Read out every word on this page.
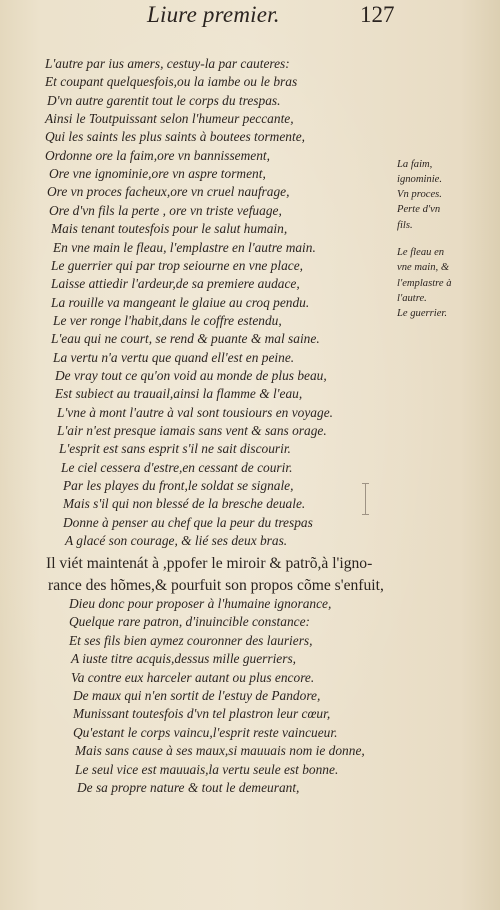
Liure premier.	127
L'autre par ius amers, cestuy-la par cauteres:
Et coupant quelquesfois,ou la iambe ou le bras
D'vn autre garentit tout le corps du trespas.
Ainsi le Toutpuissant selon l'humeur peccante,
Qui les saints les plus saints à boutees tormente,
Ordonne ore la faim,ore vn bannissement,
Ore vne ignominie,ore vn aspre torment,
Ore vn proces facheux,ore vn cruel naufrage,
Ore d'vn fils la perte , ore vn triste vefuage,
Mais tenant toutesfois pour le salut humain,
En vne main le fleau, l'emplastre en l'autre main.
Le guerrier qui par trop seiourne en vne place,
Laisse attiedir l'ardeur,de sa premiere audace,
La rouille va mangeant le glaiue au croq pendu.
Le ver ronge l'habit,dans le coffre estendu,
L'eau qui ne court, se rend & puante & mal saine.
La vertu n'a vertu que quand ell'est en peine.
De vray tout ce qu'on void au monde de plus beau,
Est subiect au trauail,ainsi la flamme & l'eau,
L'vne à mont l'autre à val sont tousiours en voyage.
L'air n'est presque iamais sans vent & sans orage.
L'esprit est sans esprit s'il ne sait discourir.
Le ciel cessera d'estre,en cessant de courir.
Par les playes du front,le soldat se signale,
Mais s'il qui non blessé de la bresche deuale.
Donne à penser au chef que la peur du trespas
A glacé son courage, & lié ses deux bras.
Il viét maintenát à ,ppofer le miroir & patrõ,à l'igno-
rance des hõmes,& pourfuit son propos cõme s'enfuit,
Dieu donc pour proposer à l'humaine ignorance,
Quelque rare patron, d'inuincible constance:
Et ses fils bien aymez couronner des lauriers,
A iuste titre acquis,dessus mille guerriers,
Va contre eux harceler autant ou plus encore.
De maux qui n'en sortit de l'estuy de Pandore,
Munissant toutesfois d'vn tel plastron leur cœur,
Qu'estant le corps vaincu,l'esprit reste vaincueur.
Mais sans cause à ses maux,si mauuais nom ie donne,
Le seul vice est mauuais,la vertu seule est bonne.
De sa propre nature & tout le demeurant,
La faim,
ignominie.
Vn proces.
Perte d'vn
fils.
Le fleau en
vne main, &
l'emplastre à
l'autre.
Le guerrier.
